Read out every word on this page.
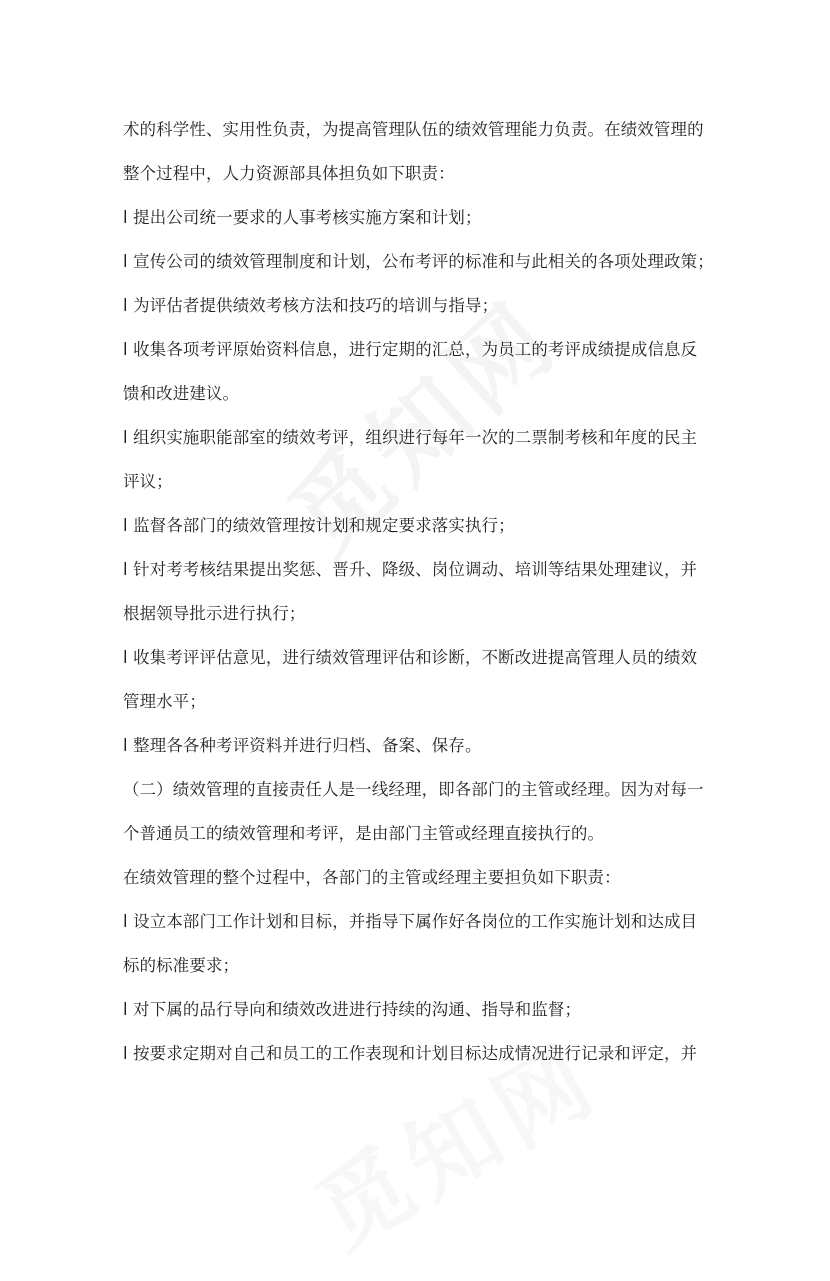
术的科学性、实用性负责，为提高管理队伍的绩效管理能力负责。在绩效管理的
整个过程中，人力资源部具体担负如下职责：
l 提出公司统一要求的人事考核实施方案和计划；
l 宣传公司的绩效管理制度和计划，公布考评的标准和与此相关的各项处理政策；
l 为评估者提供绩效考核方法和技巧的培训与指导；
l 收集各项考评原始资料信息，进行定期的汇总，为员工的考评成绩提成信息反
馈和改进建议。
l 组织实施职能部室的绩效考评，组织进行每年一次的二票制考核和年度的民主
评议；
l 监督各部门的绩效管理按计划和规定要求落实执行；
l 针对考考核结果提出奖惩、晋升、降级、岗位调动、培训等结果处理建议，并
根据领导批示进行执行；
l 收集考评评估意见，进行绩效管理评估和诊断，不断改进提高管理人员的绩效
管理水平；
l 整理各各种考评资料并进行归档、备案、保存。
（二）绩效管理的直接责任人是一线经理，即各部门的主管或经理。因为对每一
个普通员工的绩效管理和考评，是由部门主管或经理直接执行的。
在绩效管理的整个过程中，各部门的主管或经理主要担负如下职责：
l 设立本部门工作计划和目标，并指导下属作好各岗位的工作实施计划和达成目
标的标准要求；
l 对下属的品行导向和绩效改进进行持续的沟通、指导和监督；
l 按要求定期对自己和员工的工作表现和计划目标达成情况进行记录和评定，并
